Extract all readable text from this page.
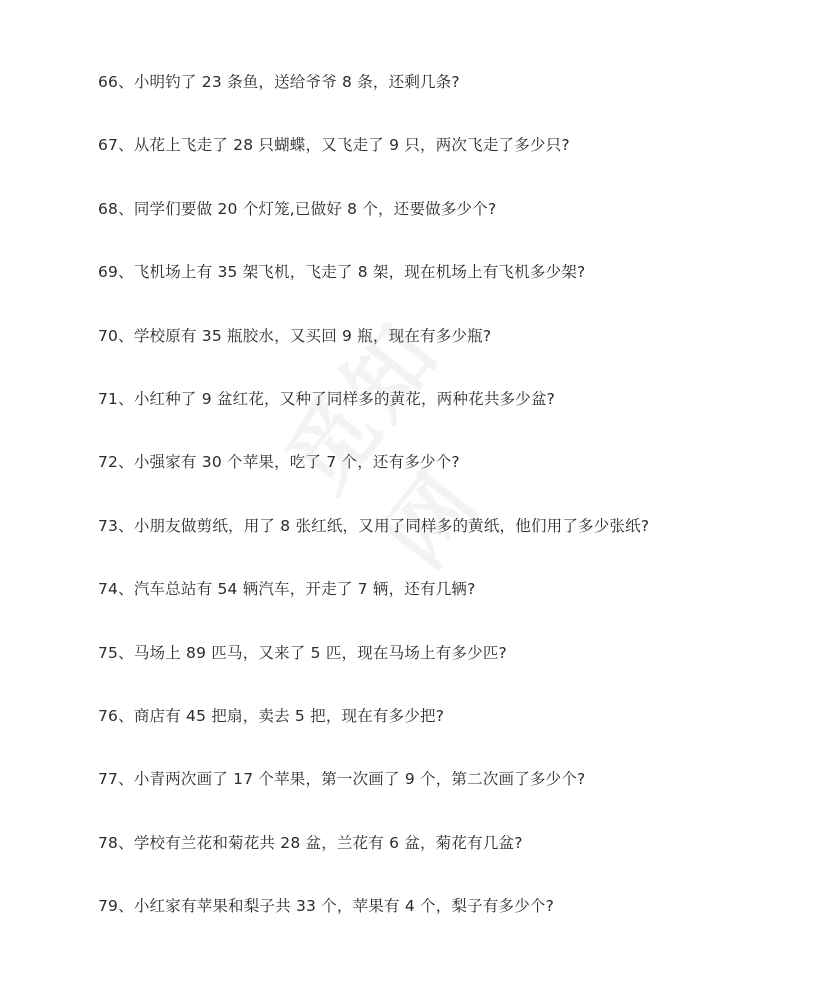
66、小明钓了 23 条鱼，送给爷爷 8 条，还剩几条?
67、从花上飞走了 28 只蝴蝶，又飞走了 9 只，两次飞走了多少只?
68、同学们要做 20 个灯笼,已做好 8 个，还要做多少个?
69、飞机场上有 35 架飞机，飞走了 8 架，现在机场上有飞机多少架?
70、学校原有 35 瓶胶水，又买回 9 瓶，现在有多少瓶?
71、小红种了 9 盆红花，又种了同样多的黄花，两种花共多少盆?
72、小强家有 30 个苹果，吃了 7 个，还有多少个?
73、小朋友做剪纸，用了 8 张红纸，又用了同样多的黄纸，他们用了多少张纸?
74、汽车总站有 54 辆汽车，开走了 7 辆，还有几辆?
75、马场上 89 匹马，又来了 5 匹，现在马场上有多少匹?
76、商店有 45 把扇，卖去 5 把，现在有多少把?
77、小青两次画了 17 个苹果，第一次画了 9 个，第二次画了多少个?
78、学校有兰花和菊花共 28 盆，兰花有 6 盆，菊花有几盆?
79、小红家有苹果和梨子共 33 个，苹果有 4 个，梨子有多少个?
